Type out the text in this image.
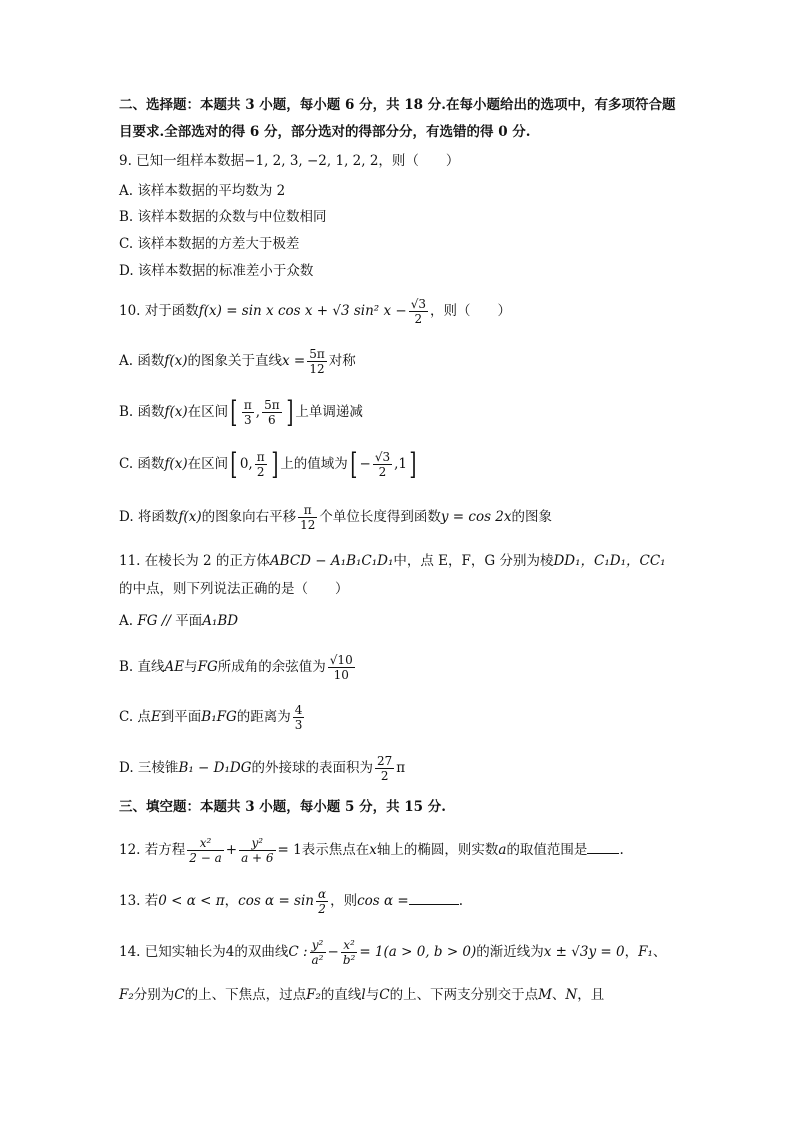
二、选择题：本题共 3 小题，每小题 6 分，共 18 分.在每小题给出的选项中，有多项符合题
目要求.全部选对的得 6 分，部分选对的得部分分，有选错的得 0 分.
9. 已知一组样本数据−1, 2, 3, −2, 1, 2, 2，则（　　）
A. 该样本数据的平均数为 2
B. 该样本数据的众数与中位数相同
C. 该样本数据的方差大于极差
D. 该样本数据的标准差小于众数
10. 对于函数f(x) = sin x cos x + √3 sin² $x - \frac{√3}{2}$ ，则（　　）
A. 函数f(x)的图象关于直线$x = \frac{5\pi}{12}$ 对称
B. 函数f(x)在区间[ $\frac{\pi}{3}$ , $\frac{5\pi}{6}$ ] 上单调递减
C. 函数f(x)在区间[ 0, $\frac{\pi}{2}$ ] 上的值域为[ − $\frac{√3}{2} ,1$]
D. 将函数f(x)的图象向右平移 $\frac{\pi}{12}$ 个单位长度得到函数y = cos 2x的图象
11. 在棱长为 2 的正方体ABCD − A₁B₁C₁D₁中，点 E，F，G 分别为棱DD₁，C₁D₁，CC₁
的中点，则下列说法正确的是（　　）
A. FG // 平面A₁BD
B. 直线AE与FG所成角的余弦值为 $\frac{√10}{10}$
C. 点E到平面B₁FG的距离为 $\frac{4}{3}$
D. 三棱锥B₁ − D₁DG的外接球的表面积为 $\frac{27}{2}$ π
三、填空题：本题共 3 小题，每小题 5 分，共 15 分.
12. 若方程 $\frac{\text{x²}}{2 - a} + \frac{\text{y²}}{a + 6} = 1$表示焦点在x轴上的椭圆，则实数a的取值范围是 .
13. 若0 < α < π，$\cos \alpha = \sin \frac{\alpha}{2}$ ，则cos α =	.
14. 已知实轴长为4的双曲线C : $\frac{\text{y²}}{\text{a²}} - \frac{\text{x²}}{\text{b²}} = 1(a > 0$, b > 0)的渐近线为x ± √3y = 0，F₁、
F₂分别为C的上、下焦点，过点F₂的直线l与C的上、下两支分别交于点M、N，且
